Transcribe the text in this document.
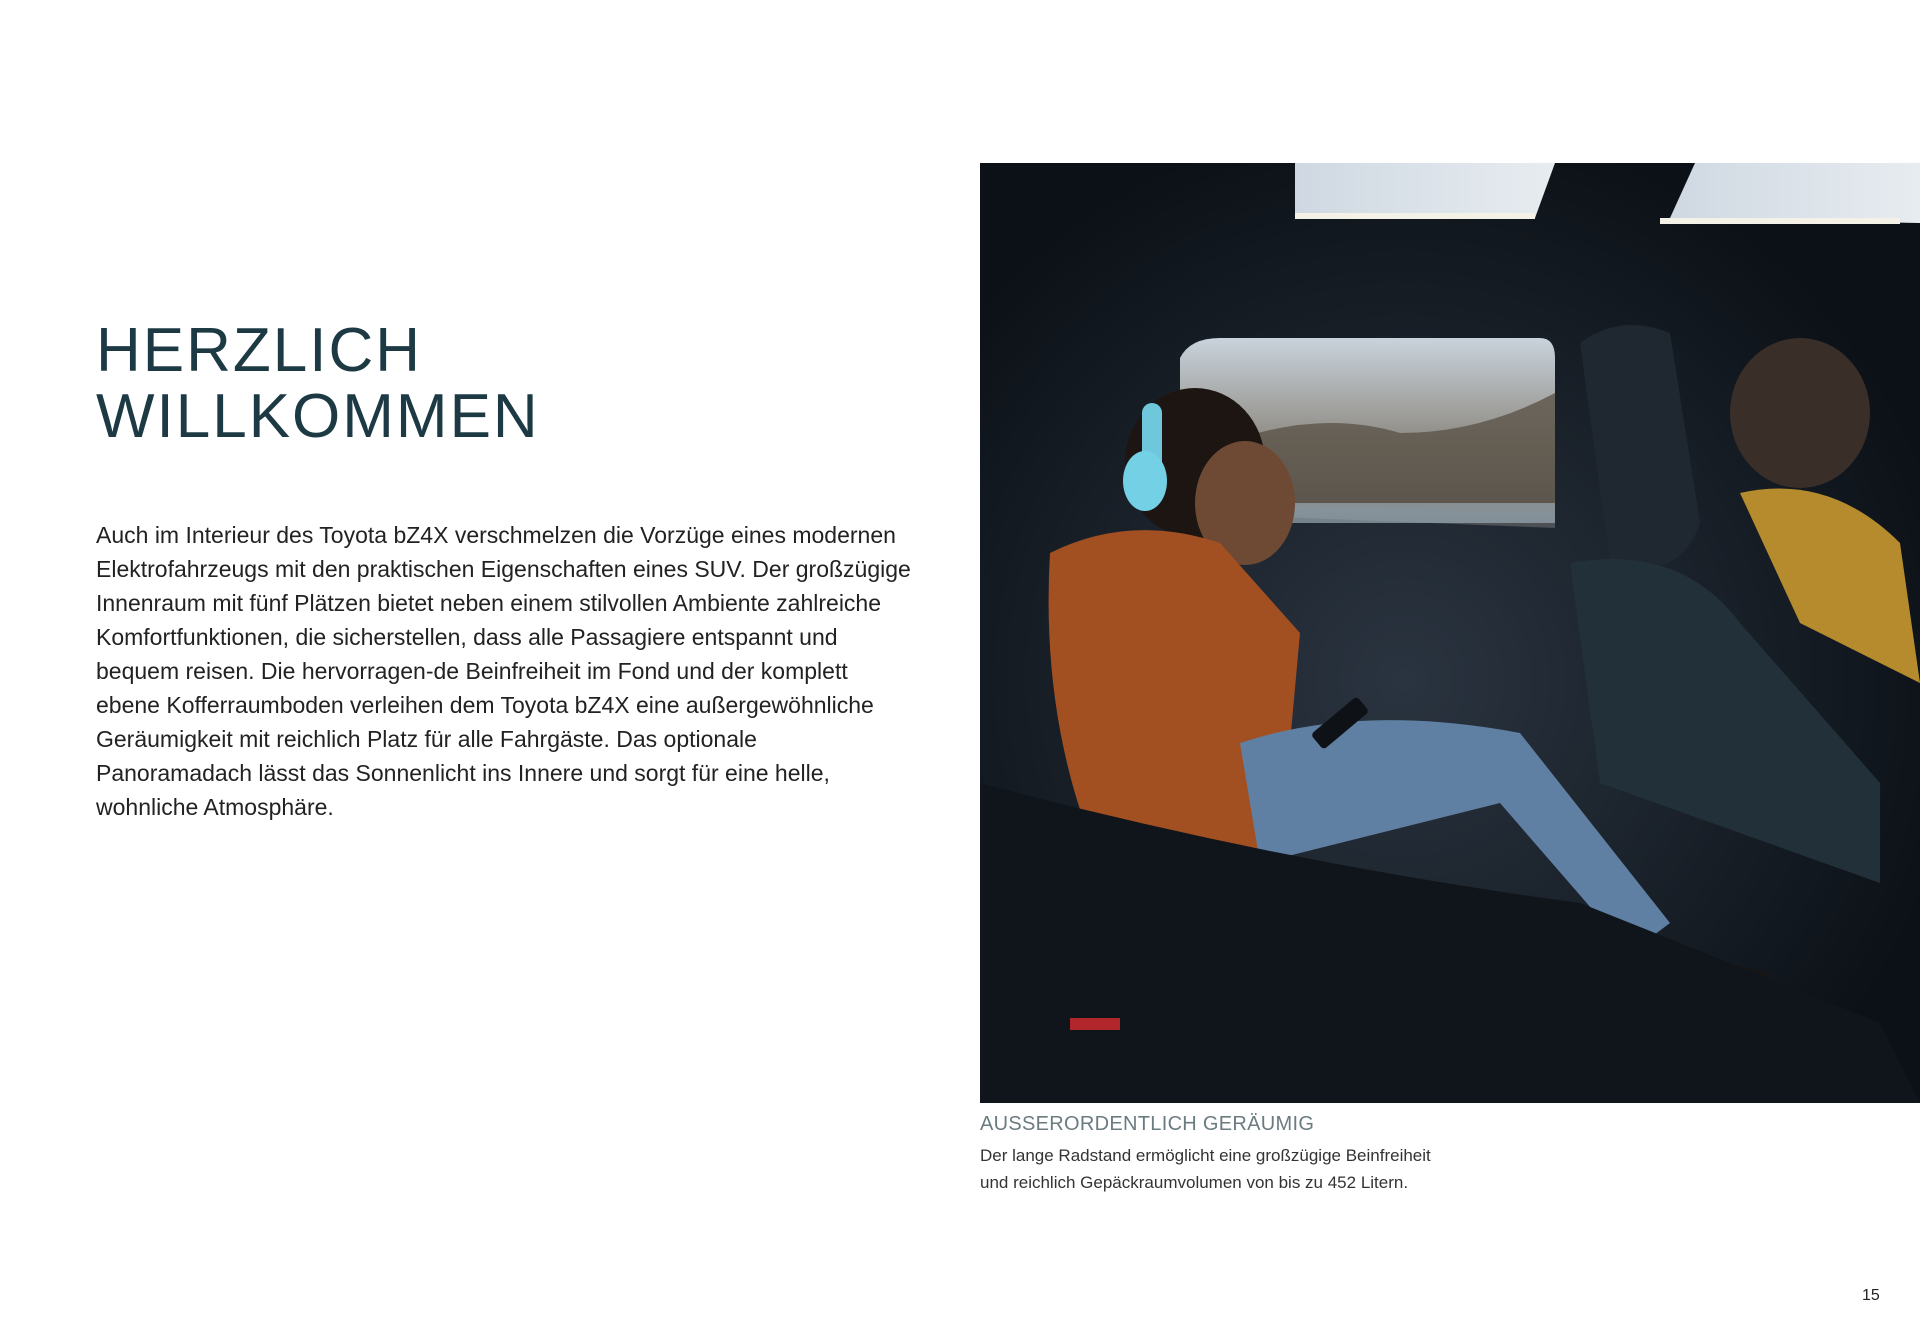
HERZLICH
WILLKOMMEN

Auch im Interieur des Toyota bZ4X verschmelzen die Vorzüge eines modernen Elektrofahrzeugs mit den praktischen Eigenschaften eines SUV. Der großzügige Innenraum mit fünf Plätzen bietet neben einem stilvollen Ambiente zahlreiche Komfortfunktionen, die sicherstellen, dass alle Passagiere entspannt und bequem reisen. Die hervorragen-de Beinfreiheit im Fond und der komplett ebene Kofferraumboden verleihen dem Toyota bZ4X eine außergewöhnliche Geräumigkeit mit reichlich Platz für alle Fahrgäste. Das optionale Panoramadach lässt das Sonnenlicht ins Innere und sorgt für eine helle, wohnliche Atmosphäre.

AUSSERORDENTLICH GERÄUMIG
Der lange Radstand ermöglicht eine großzügige Beinfreiheit und reichlich Gepäckraumvolumen von bis zu 452 Litern.
15
